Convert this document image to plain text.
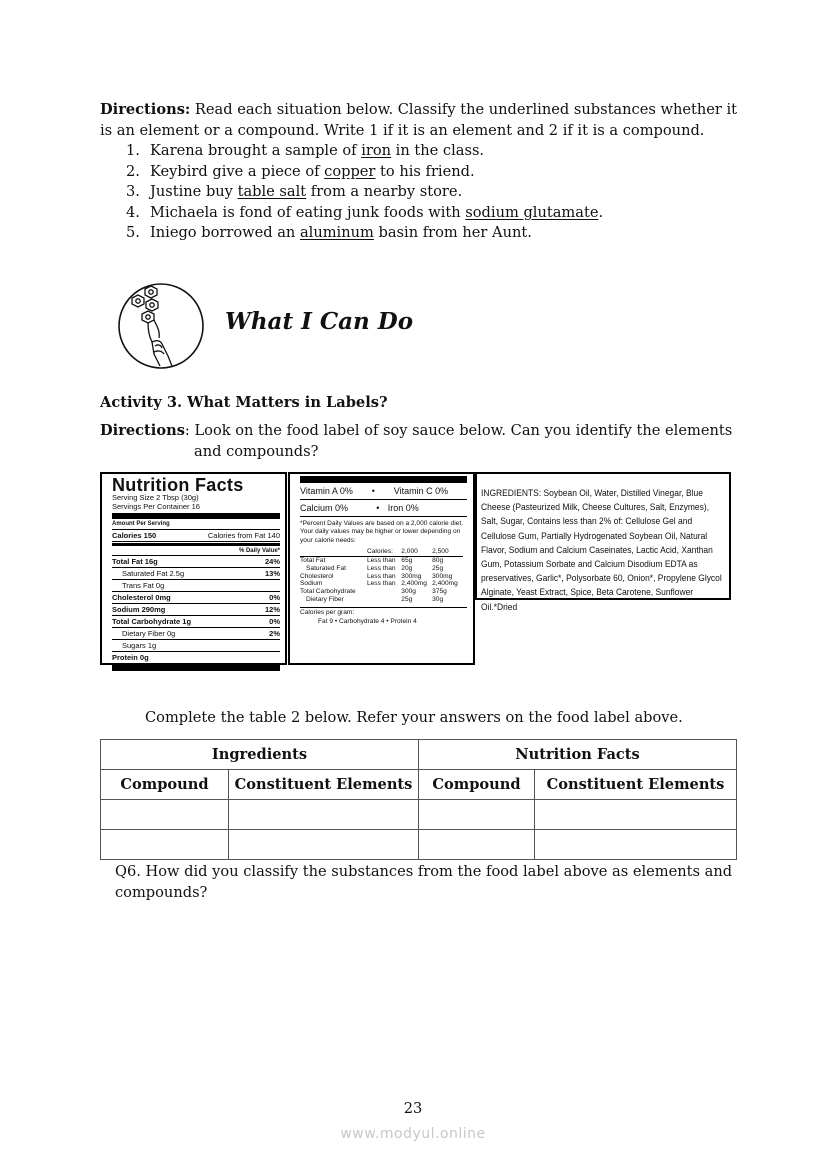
Directions: Read each situation below. Classify the underlined substances whether it is an element or a compound. Write 1 if it is an element and 2 if it is a compound.
1. Karena brought a sample of iron in the class.
2. Keybird give a piece of copper to his friend.
3. Justine buy table salt from a nearby store.
4. Michaela is fond of eating junk foods with sodium glutamate.
5. Iniego borrowed an aluminum basin from her Aunt.
What I Can Do
Activity 3. What Matters in Labels?
Directions: Look on the food label of soy sauce below. Can you identify the elements
and compounds?
Nutrition Facts
Serving Size 2 Tbsp (30g)
Servings Per Container 16
Amount Per Serving
Calories 150	Calories from Fat 140
% Daily Value*
Total Fat 16g	24%
Saturated Fat 2.5g	13%
Trans Fat 0g
Cholesterol 0mg	0%
Sodium 290mg	12%
Total Carbohydrate 1g	0%
Dietary Fiber 0g	2%
Sugars 1g
Protein 0g
Vitamin A 0% • Vitamin C 0%
Calcium 0%	• Iron 0%
*Percent Daily Values are based on a 2,000 calorie diet. Your daily values may be higher or lower depending on your calorie needs:
	Calories:	2,000	2,500
Total Fat	Less than	65g	80g
Saturated Fat	Less than	20g	25g
Cholesterol	Less than	300mg	300mg
Sodium	Less than	2,400mg	2,400mg
Total Carbohydrate		300g	375g
Dietary Fiber		25g	30g
Calories per gram:
Fat 9 • Carbohydrate 4 • Protein 4
INGREDIENTS: Soybean Oil, Water, Distilled Vinegar, Blue Cheese (Pasteurized Milk, Cheese Cultures, Salt, Enzymes), Salt, Sugar, Contains less than 2% of: Cellulose Gel and Cellulose Gum, Partially Hydrogenated Soybean Oil, Natural Flavor, Sodium and Calcium Caseinates, Lactic Acid, Xanthan Gum, Potassium Sorbate and Calcium Disodium EDTA as preservatives, Garlic*, Polysorbate 60, Onion*, Propylene Glycol Alginate, Yeast Extract, Spice, Beta Carotene, Sunflower Oil.*Dried
Complete the table 2 below. Refer your answers on the food label above.
Ingredients		Nutrition Facts	
Compound	Constituent Elements	Compound	Constituent Elements

Q6. How did you classify the substances from the food label above as elements and compounds?
23
www.modyul.online
